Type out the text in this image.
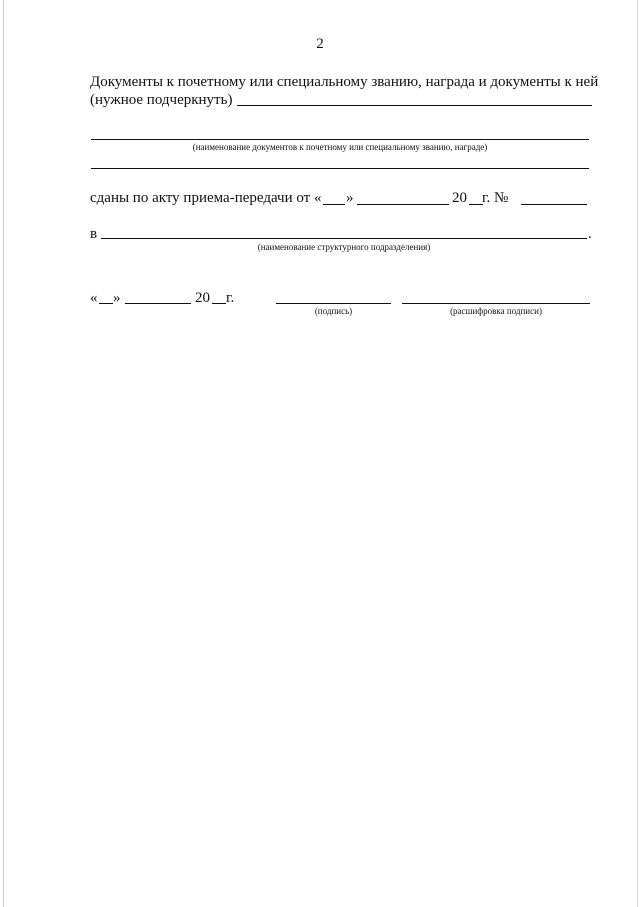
2
Документы к почетному или специальному званию, награда и документы к ней
(нужное подчеркнуть)
(наименование документов к почетному или специальному званию, награде)
сданы по акту приема-передачи от « »	20 г. №
в	.
(наименование структурного подразделения)
« »	20 г.
(подпись)	(расшифровка подписи)
